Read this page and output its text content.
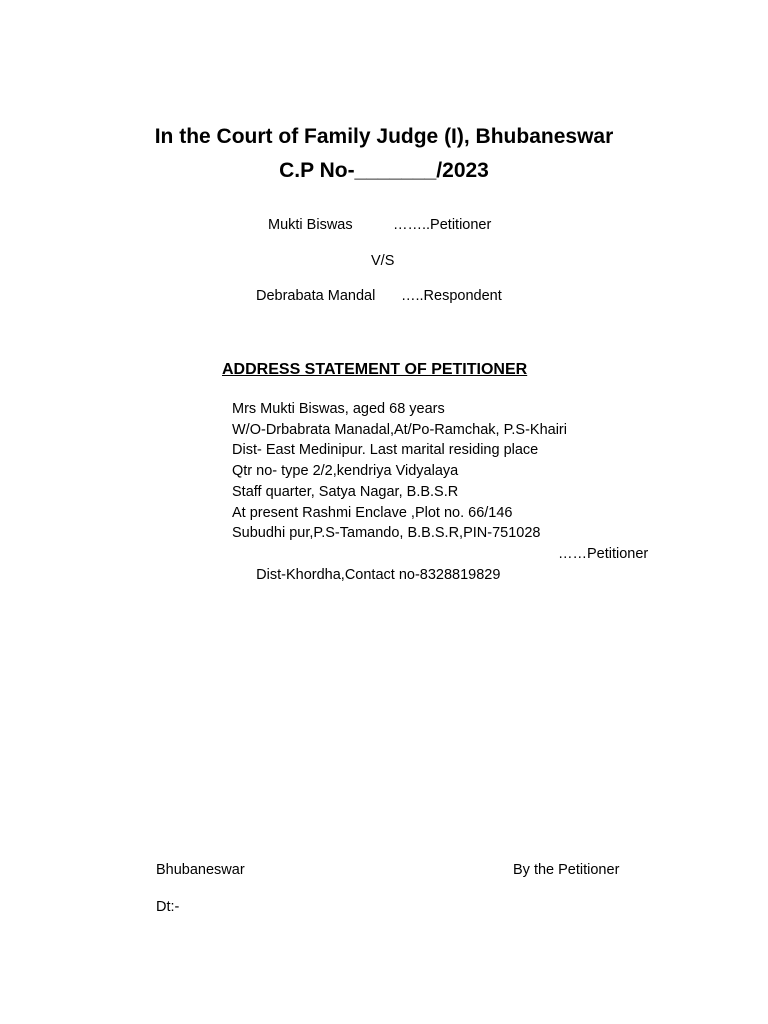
In the Court of Family Judge (I), Bhubaneswar
C.P No-_______/2023
Mukti Biswas	……..Petitioner
V/S
Debrabata Mandal …..Respondent
ADDRESS STATEMENT OF PETITIONER
Mrs Mukti Biswas, aged 68 years
W/O-Drbabrata Manadal,At/Po-Ramchak, P.S-Khairi
Dist- East Medinipur. Last marital residing place
Qtr no- type 2/2,kendriya Vidyalaya
Staff quarter, Satya Nagar, B.B.S.R
At present Rashmi Enclave ,Plot no. 66/146
Subudhi pur,P.S-Tamando, B.B.S.R,PIN-751028

Dist-Khordha,Contact no-8328819829

……Petitioner

Bhubaneswar	By the Petitioner
Dt:-
